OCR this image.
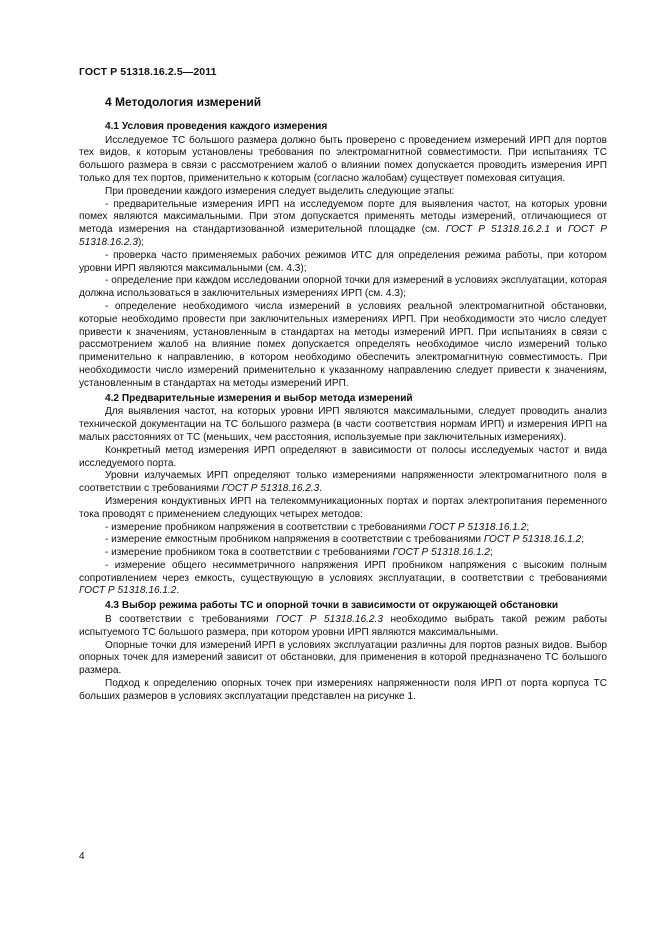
ГОСТ Р 51318.16.2.5—2011
4 Методология измерений
4.1 Условия проведения каждого измерения

Исследуемое ТС большого размера должно быть проверено с проведением измерений ИРП для портов тех видов, к которым установлены требования по электромагнитной совместимости. При испытаниях ТС большого размера в связи с рассмотрением жалоб о влиянии помех допускается проводить измерения ИРП только для тех портов, применительно к которым (согласно жалобам) существует помеховая ситуация.

При проведении каждого измерения следует выделить следующие этапы:

- предварительные измерения ИРП на исследуемом порте для выявления частот, на которых уровни помех являются максимальными. При этом допускается применять методы измерений, отличающиеся от метода измерения на стандартизованной измерительной площадке (см. ГОСТ Р 51318.16.2.1 и ГОСТ Р 51318.16.2.3);

- проверка часто применяемых рабочих режимов ИТС для определения режима работы, при котором уровни ИРП являются максимальными (см. 4.3);

- определение при каждом исследовании опорной точки для измерений в условиях эксплуатации, которая должна использоваться в заключительных измерениях ИРП (см. 4.3);

- определение необходимого числа измерений в условиях реальной электромагнитной обстановки, которые необходимо провести при заключительных измерениях ИРП. При необходимости это число следует привести к значениям, установленным в стандартах на методы измерений ИРП. При испытаниях в связи с рассмотрением жалоб на влияние помех допускается определять необходимое число измерений только применительно к направлению, в котором необходимо обеспечить электромагнитную совместимость. При необходимости число измерений применительно к указанному направлению следует привести к значениям, установленным в стандартах на методы измерений ИРП.

4.2 Предварительные измерения и выбор метода измерений

Для выявления частот, на которых уровни ИРП являются максимальными, следует проводить анализ технической документации на ТС большого размера (в части соответствия нормам ИРП) и измерения ИРП на малых расстояниях от ТС (меньших, чем расстояния, используемые при заключительных измерениях).

Конкретный метод измерения ИРП определяют в зависимости от полосы исследуемых частот и вида исследуемого порта.

Уровни излучаемых ИРП определяют только измерениями напряженности электромагнитного поля в соответствии с требованиями ГОСТ Р 51318.16.2.3.

Измерения кондуктивных ИРП на телекоммуникационных портах и портах электропитания переменного тока проводят с применением следующих четырех методов:

- измерение пробником напряжения в соответствии с требованиями ГОСТ Р 51318.16.1.2;

- измерение емкостным пробником напряжения в соответствии с требованиями ГОСТ Р 51318.16.1.2;

- измерение пробником тока в соответствии с требованиями ГОСТ Р 51318.16.1.2;

- измерение общего несимметричного напряжения ИРП пробником напряжения с высоким полным сопротивлением через емкость, существующую в условиях эксплуатации, в соответствии с требованиями ГОСТ Р 51318.16.1.2.

4.3 Выбор режима работы ТС и опорной точки в зависимости от окружающей обстановки

В соответствии с требованиями ГОСТ Р 51318.16.2.3 необходимо выбрать такой режим работы испытуемого ТС большого размера, при котором уровни ИРП являются максимальными.

Опорные точки для измерений ИРП в условиях эксплуатации различны для портов разных видов. Выбор опорных точек для измерений зависит от обстановки, для применения в которой предназначено ТС большого размера.

Подход к определению опорных точек при измерениях напряженности поля ИРП от порта корпуса ТС больших размеров в условиях эксплуатации представлен на рисунке 1.

4
